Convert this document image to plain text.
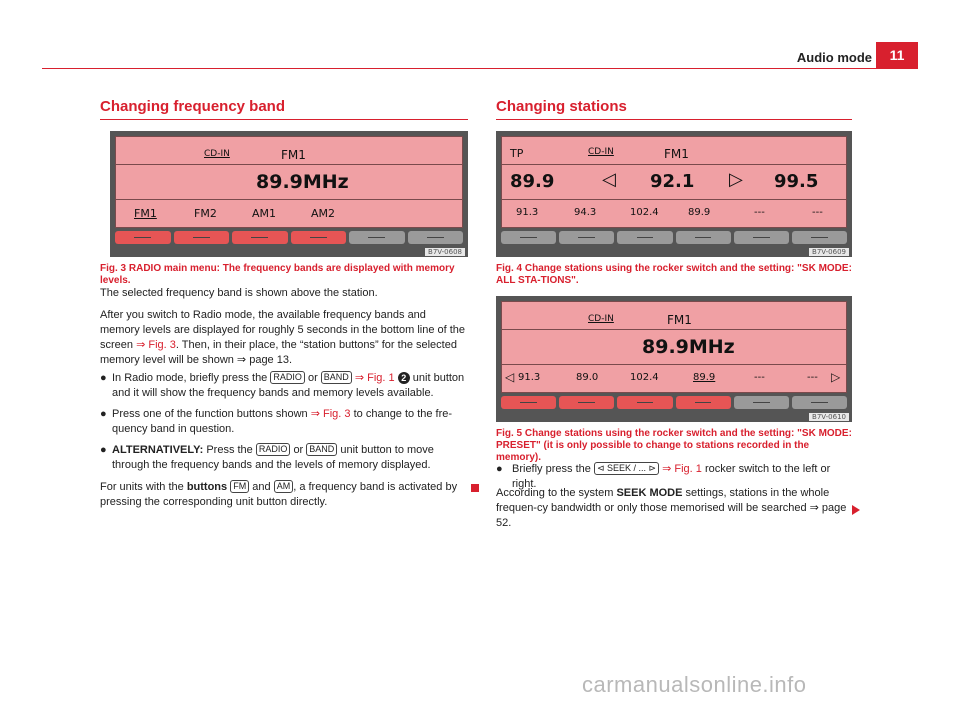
Audio mode	11
Changing frequency band
CD-IN	FM1
89.9MHz
FM1	FM2	AM1	AM2
B7V-0608
Fig. 3 RADIO main menu: The frequency bands are displayed with memory levels.
The selected frequency band is shown above the station.
After you switch to Radio mode, the available frequency bands and memory levels are displayed for roughly 5 seconds in the bottom line of the screen ⇒ Fig. 3. Then, in their place, the “station buttons” for the selected memory level will be shown ⇒ page 13.
● In Radio mode, briefly press the RADIO or BAND ⇒ Fig. 1 2 unit button and it will show the frequency bands and memory levels available.
● Press one of the function buttons shown ⇒ Fig. 3 to change to the fre-quency band in question.
● ALTERNATIVELY: Press the RADIO or BAND unit button to move through the frequency bands and the levels of memory displayed.
For units with the buttons FM and AM , a frequency band is activated by pressing the corresponding unit button directly.
Changing stations
TP	CD-IN	FM1
89.9	◁ 92.1 ▷ 99.5
91.3	94.3	102.4	89.9	---	---
B7V-0609
Fig. 4 Change stations using the rocker switch and the setting: "SK MODE: ALL STA-TIONS".
CD-IN	FM1
89.9MHz
◁ 91.3	89.0	102.4	89.9	---	--- ▷
B7V-0610
Fig. 5 Change stations using the rocker switch and the setting: "SK MODE: PRESET" (it is only possible to change to stations recorded in the memory).
● Briefly press the ⊲ SEEK / ... ⊳ ⇒ Fig. 1 rocker switch to the left or right.
According to the system SEEK MODE settings, stations in the whole frequen-cy bandwidth or only those memorised will be searched ⇒ page 52.
carmanualsonline.info
